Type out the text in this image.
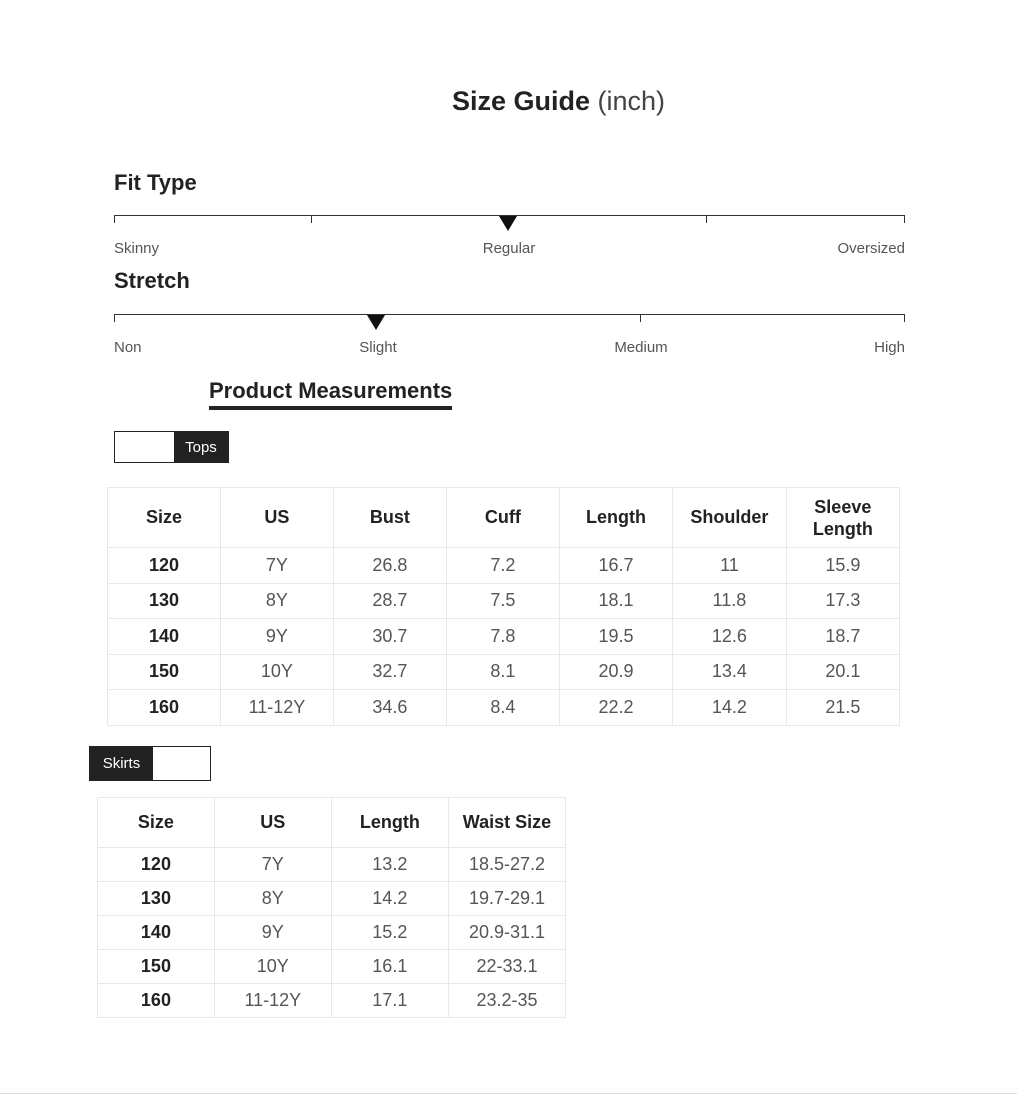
Size Guide (inch)
Fit Type
Skinny	Regular	Oversized
Stretch
Non	Slight	Medium	High
Product Measurements
Tops
Size	US	Bust	Cuff	Length	Shoulder	Sleeve Length
120	7Y	26.8	7.2	16.7	11	15.9
130	8Y	28.7	7.5	18.1	11.8	17.3
140	9Y	30.7	7.8	19.5	12.6	18.7
150	10Y	32.7	8.1	20.9	13.4	20.1
160	11-12Y	34.6	8.4	22.2	14.2	21.5
Skirts
Size	US	Length	Waist Size
120	7Y	13.2	18.5-27.2
130	8Y	14.2	19.7-29.1
140	9Y	15.2	20.9-31.1
150	10Y	16.1	22-33.1
160	11-12Y	17.1	23.2-35
